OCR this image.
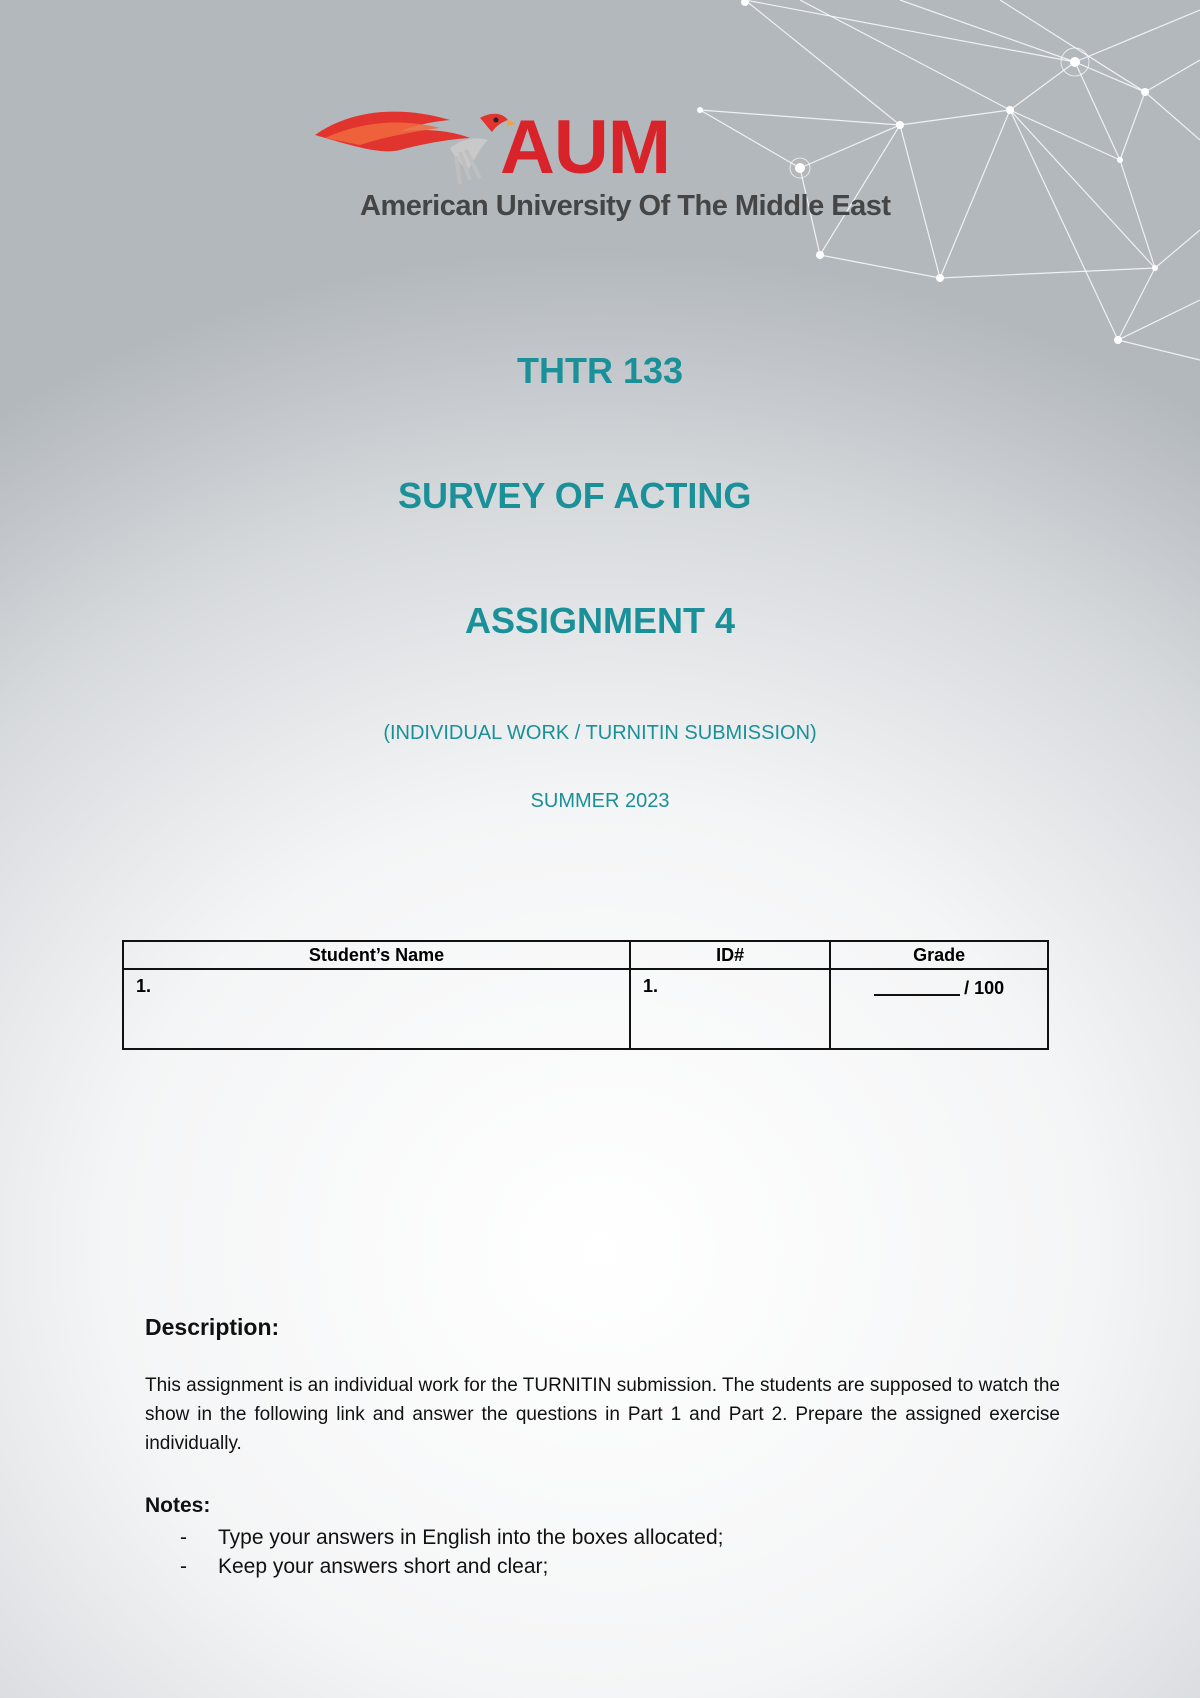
AUM
American University Of The Middle East
THTR 133
SURVEY OF ACTING
ASSIGNMENT 4
(INDIVIDUAL WORK / TURNITIN SUBMISSION)
SUMMER 2023
Student’s Name	ID#	Grade
1.	1.	/ 100
Description:
This assignment is an individual work for the TURNITIN submission. The students are supposed to watch the show in the following link and answer the questions in Part 1 and Part 2. Prepare the assigned exercise individually.
Notes:
- Type your answers in English into the boxes allocated;
- Keep your answers short and clear;
